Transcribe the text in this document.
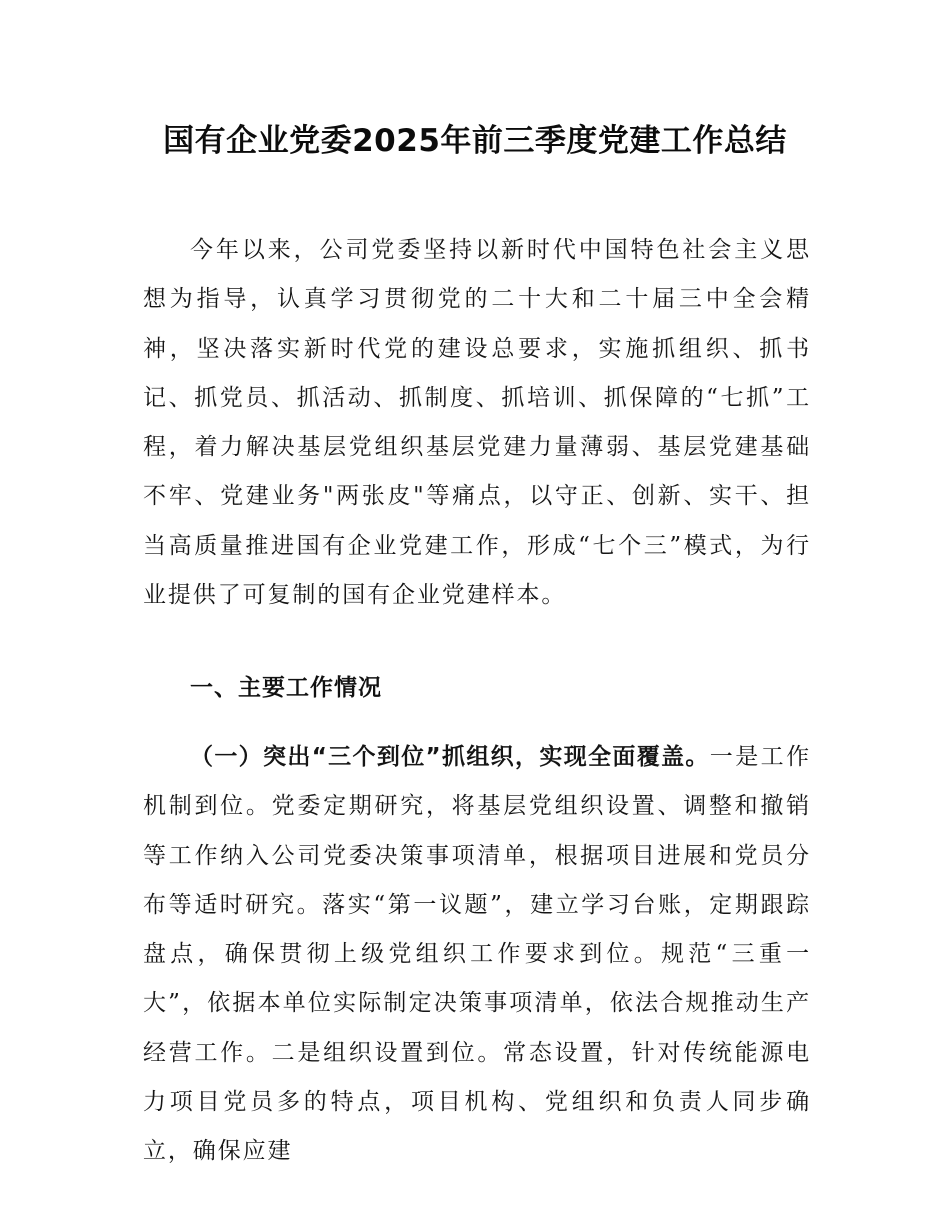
国有企业党委2025年前三季度党建工作总结

今年以来，公司党委坚持以新时代中国特色社会主义思想为指导，认真学习贯彻党的二十大和二十届三中全会精神，坚决落实新时代党的建设总要求，实施抓组织、抓书记、抓党员、抓活动、抓制度、抓培训、抓保障的“七抓”工程，着力解决基层党组织基层党建力量薄弱、基层党建基础不牢、党建业务"两张皮"等痛点，以守正、创新、实干、担当高质量推进国有企业党建工作，形成“七个三”模式，为行业提供了可复制的国有企业党建样本。

一、主要工作情况

（一）突出“三个到位”抓组织，实现全面覆盖。一是工作机制到位。党委定期研究，将基层党组织设置、调整和撤销等工作纳入公司党委决策事项清单，根据项目进展和党员分布等适时研究。落实“第一议题”，建立学习台账，定期跟踪盘点，确保贯彻上级党组织工作要求到位。规范“三重一大”，依据本单位实际制定决策事项清单，依法合规推动生产经营工作。二是组织设置到位。常态设置，针对传统能源电力项目党员多的特点，项目机构、党组织和负责人同步确立，确保应建
